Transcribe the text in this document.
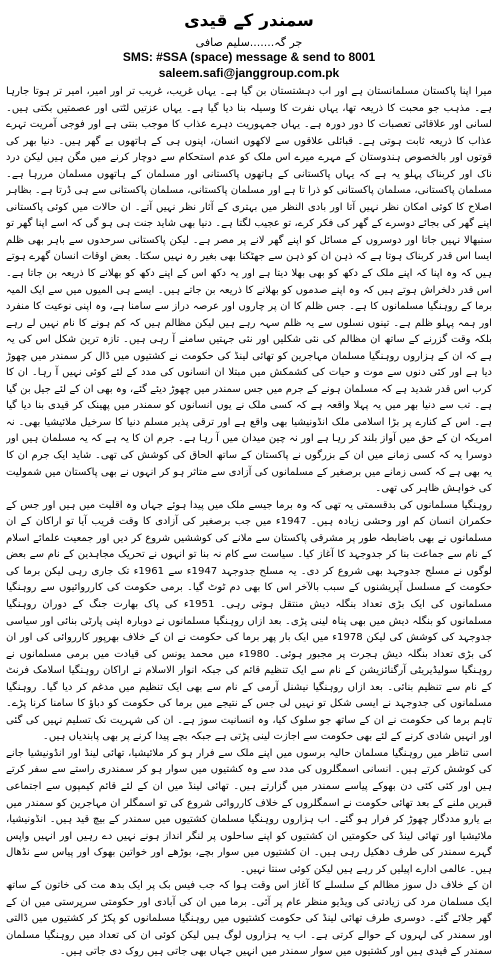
سمندر کے قیدی
جر گہ.......سلیم صافی
SMS: #SSA (space) message & send to 8001
saleem.safi@janggroup.com.pk

میرا اپنا پاکستان مسلمانستان ہے اور اب دہشتستان بن گیا ہے۔ یہاں غریب، غریب تر اور امیر، امیر تر ہوتا جارہا ہے۔ مذہب جو محبت کا ذریعہ تھا، یہاں نفرت کا وسیلہ بنا دیا گیا ہے۔ یہاں عزتیں لٹتی اور عصمتیں بکتی ہیں۔ لسانی اور علاقائی تعصبات کا دور دورہ ہے۔ یہاں جمہوریت دہرے عذاب کا موجب بنتی ہے اور فوجی آمریت تہرے عذاب کا ذریعہ ثابت ہوتی ہے۔ قبائلی علاقوں سے لاکھوں انسان، اپنوں ہی کے ہاتھوں بے گھر ہیں۔ دنیا بھر کی قوتوں اور بالخصوص ہندوستان کے مہرے میرے اس ملک کو عدم استحکام سے دوچار کرنے میں مگن ہیں لیکن درد ناک اور کربناک پہلو یہ ہے کہ یہاں پاکستانی کے ہاتھوں پاکستانی اور مسلمان کے ہاتھوں مسلمان مررہا ہے۔ مسلمان پاکستانی، مسلمان پاکستانی کو ذرا تا ہے اور مسلمان پاکستانی، مسلمان پاکستانی سے ہی ڈرتا ہے۔ بظاہر اصلاح کا کوئی امکان نظر نہیں آتا اور بادی النظر میں بہتری کے آثار نظر نہیں آتے۔ ان حالات میں کوئی پاکستانی اپنے گھر کی بجائے دوسرے کے گھر کی فکر کرے، تو عجیب لگتا ہے۔ دنیا بھی شاید جنت ہی ہو گی کہ اسے اپنا گھر تو سنبھالا نہیں جاتا اور دوسروں کے مسائل کو اپنے گھر لانے پر مصر ہے۔ لیکن پاکستانی سرحدوں سے باہر بھی ظلم ایسا اس قدر کربناک ہوتا ہے کہ ذہن ان کو ذہن سے جھٹکنا بھی بغیر رہ نہیں سکتا۔ بعض اوقات انسان گھرے ہوتے ہیں کہ وہ اپنا کہ اپنے ملک کے دکھ کو بھی بھلا دیتا ہے اور یہ دکھ اس کے اپنے دکھ کو بھلانے کا ذریعہ بن جاتا ہے۔ اس قدر دلخراش ہوتے ہیں کہ وہ اپنے صدموں کو بھلانے کا ذریعہ بن جاتے ہیں۔ ایسے ہی المیوں میں سے ایک المیہ برما کے روہنگیا مسلمانوں کا ہے۔ جس ظلم کا ان پر چاروں اور عرصہ دراز سے سامنا ہے، وہ اپنی نوعیت کا منفرد اور ہمہ پہلو ظلم ہے۔ تینوں نسلوں سے یہ ظلم سہہ رہے ہیں لیکن مظالم ہیں کہ کم ہونے کا نام نہیں لے رہے بلکہ وقت گزرنے کے ساتھ ان مظالم کی نئی شکلیں اور نئی جہتیں سامنے آ رہی ہیں۔ تازہ ترین شکل اس کی یہ ہے کہ ان کے ہزاروں روہنگیا مسلمان مہاجرین کو تھائی لینڈ کی حکومت نے کشتیوں میں ڈال کر سمندر میں چھوڑ دیا ہے اور کئی دنوں سے موت و حیات کی کشمکش میں مبتلا ان انسانوں کی مدد کے لئے کوئی نہیں آ رہا۔ ان کا کرب اس قدر شدید ہے کہ مسلمان ہونے کے جرم میں جس سمندر میں چھوڑ دیئے گئے، وہ بھی ان کے لئے جیل بن گیا ہے۔ تب سے دنیا بھر میں یہ پہلا واقعہ ہے کہ کسی ملک نے یوں انسانوں کو سمندر میں پھینک کر قیدی بنا دیا گیا ہے۔ اس کے کنارے پر بڑا اسلامی ملک انڈونیشیا بھی واقع ہے اور ترقی پذیر مسلم دنیا کا سرخیل ملائیشیا بھی۔ نہ امریکہ ان کے حق میں آواز بلند کر رہا ہے اور نہ چین میدان میں آ رہا ہے۔ جرم ان کا یہ ہے کہ یہ مسلمان ہیں اور دوسرا یہ کہ کسی زمانے میں ان کے بزرگوں نے پاکستان کے ساتھ الحاق کی کوشش کی تھی۔ شاید ایک جرم ان کا یہ بھی ہے کہ کسی زمانے میں برصغیر کے مسلمانوں کی آزادی سے متاثر ہو کر انہوں نے بھی پاکستان میں شمولیت کی خواہش ظاہر کی تھی۔

روہنگیا مسلمانوں کی بدقسمتی یہ تھی کہ وہ برما جیسے ملک میں پیدا ہوئے جہاں وہ اقلیت میں ہیں اور جس کے حکمران انسان کم اور وحشی زیادہ ہیں۔ 1947ء میں جب برصغیر کی آزادی کا وقت قریب آیا تو اراکان کے ان مسلمانوں نے بھی باضابطہ طور پر مشرقی پاکستان سے ملانے کی کوششیں شروع کر دیں اور جمعیت علمائے اسلام کے نام سے جماعت بنا کر جدوجہد کا آغاز کیا۔ سیاست سے کام نہ بنا تو انہوں نے تحریک مجاہدین کے نام سے بعض لوگوں نے مسلح جدوجہد بھی شروع کر دی۔ یہ مسلح جدوجہد 1947ء سے 1961ء تک جاری رہی لیکن برما کی حکومت کے مسلسل آپریشنوں کے سبب بالآخر اس کا بھی دم ٹوٹ گیا۔ برمی حکومت کی کارروائیوں سے روہنگیا مسلمانوں کی ایک بڑی تعداد بنگلہ دیش منتقل ہوتی رہی۔ 1951ء کی پاک بھارت جنگ کے دوران روہنگیا مسلمانوں کو بنگلہ دیش میں بھی پناہ لینی پڑی۔ بعد ازاں روہنگیا مسلمانوں نے دوبارہ اپنی پارٹی بنائی اور سیاسی جدوجہد کی کوشش کی لیکن 1978ء میں ایک بار پھر برما کی حکومت نے ان کے خلاف بھرپور کارروائی کی اور ان کی بڑی تعداد بنگلہ دیش ہجرت پر مجبور ہوئی۔ 1980ء میں محمد یونس کی قیادت میں برمی مسلمانوں نے روہنگیا سولیڈیریٹی آرگنائزیشن کے نام سے ایک تنظیم قائم کی جبکہ انوار الاسلام نے اراکان روہنگیا اسلامک فرنٹ کے نام سے تنظیم بنائی۔ بعد ازاں روہنگیا نیشنل آرمی کے نام سے بھی ایک تنظیم میں مدغم کر دیا گیا۔ روہنگیا مسلمانوں کی جدوجہد نے ایسی شکل تو نہیں لی جس کے نتیجے میں برما کی حکومت کو دباؤ کا سامنا کرنا پڑے۔ تاہم برما کی حکومت نے ان کے ساتھ جو سلوک کیا، وہ انسانیت سوز ہے۔ ان کی شہریت تک تسلیم نہیں کی گئی اور انہیں شادی کرنے کے لئے بھی حکومت سے اجازت لینی پڑتی ہے جبکہ بچے پیدا کرنے پر بھی پابندیاں ہیں۔

اسی تناظر میں روہنگیا مسلمان حالیہ برسوں میں اپنے ملک سے فرار ہو کر ملائیشیا، تھائی لینڈ اور انڈونیشیا جانے کی کوشش کرتے ہیں۔ انسانی اسمگلروں کی مدد سے وہ کشتیوں میں سوار ہو کر سمندری راستے سے سفر کرتے ہیں اور کئی کئی دن بھوکے پیاسے سمندر میں گزارتے ہیں۔ تھائی لینڈ میں ان کے لئے قائم کیمپوں سے اجتماعی قبریں ملنے کے بعد تھائی حکومت نے اسمگلروں کے خلاف کارروائی شروع کی تو اسمگلر ان مہاجرین کو سمندر میں بے یارو مددگار چھوڑ کر فرار ہو گئے۔ اب ہزاروں روہنگیا مسلمان کشتیوں میں سمندر کے بیچ قید ہیں۔ انڈونیشیا، ملائیشیا اور تھائی لینڈ کی حکومتیں ان کشتیوں کو اپنے ساحلوں پر لنگر انداز ہونے نہیں دے رہیں اور انہیں واپس گہرے سمندر کی طرف دھکیل رہی ہیں۔ ان کشتیوں میں سوار بچے، بوڑھے اور خواتین بھوک اور پیاس سے نڈھال ہیں۔ عالمی ادارے اپیلیں کر رہے ہیں لیکن کوئی سنتا نہیں۔

ان کے خلاف دل سوز مظالم کے سلسلے کا آغاز اس وقت ہوا کہ جب فیس بک پر ایک بدھ مت کی خاتون کے ساتھ ایک مسلمان مرد کی زیادتی کی ویڈیو منظر عام پر آئی۔ برما میں ان کی آبادی اور حکومتی سرپرستی میں ان کے گھر جلائے گئے۔ دوسری طرف تھائی لینڈ کی حکومت کشتیوں میں روہنگیا مسلمانوں کو پکڑ کر کشتیوں میں ڈالتی اور سمندر کی لہروں کے حوالے کرتی ہے۔ اب یہ ہزاروں لوگ ہیں لیکن کوئی ان کی تعداد میں روہنگیا مسلمان سمندر کے قیدی ہیں اور کشتیوں میں سوار سمندر میں انہیں جہاں بھی جاتی ہیں روک دی جاتی ہیں۔
